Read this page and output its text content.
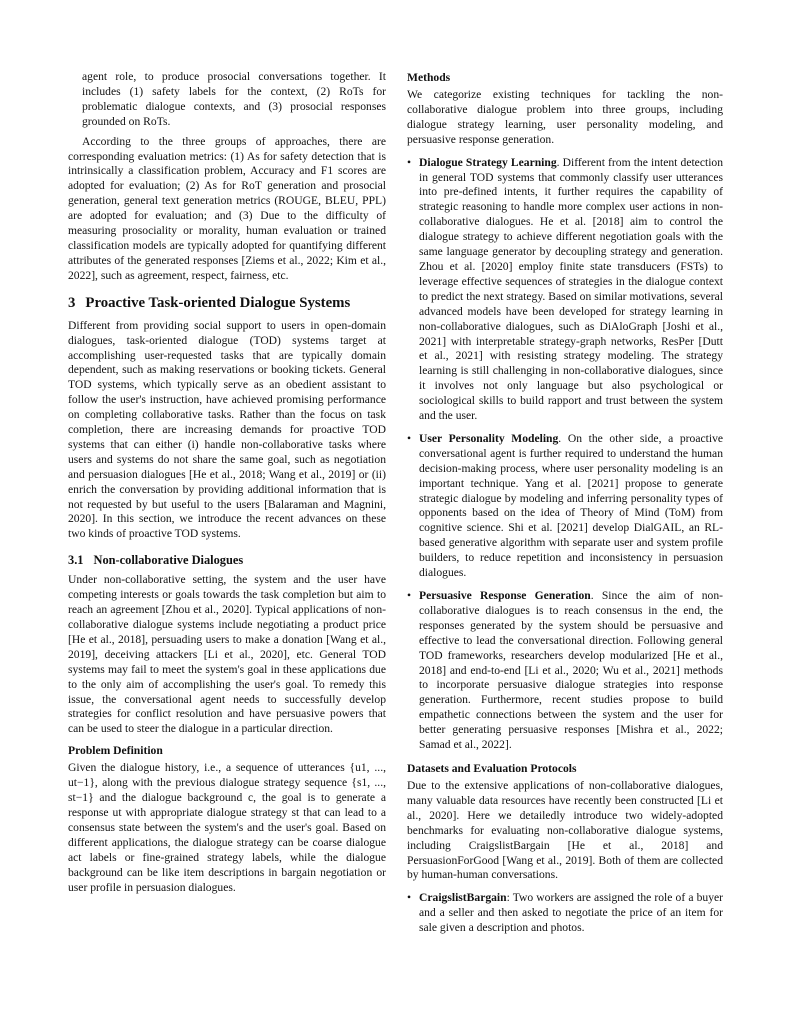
agent role, to produce prosocial conversations together. It includes (1) safety labels for the context, (2) RoTs for problematic dialogue contexts, and (3) prosocial responses grounded on RoTs.

According to the three groups of approaches, there are corresponding evaluation metrics: (1) As for safety detection that is intrinsically a classification problem, Accuracy and F1 scores are adopted for evaluation; (2) As for RoT generation and prosocial generation, general text generation metrics (ROUGE, BLEU, PPL) are adopted for evaluation; and (3) Due to the difficulty of measuring prosociality or morality, human evaluation or trained classification models are typically adopted for quantifying different attributes of the generated responses [Ziems et al., 2022; Kim et al., 2022], such as agreement, respect, fairness, etc.

3 Proactive Task-oriented Dialogue Systems

Different from providing social support to users in open-domain dialogues, task-oriented dialogue (TOD) systems target at accomplishing user-requested tasks that are typically domain dependent, such as making reservations or booking tickets. General TOD systems, which typically serve as an obedient assistant to follow the user's instruction, have achieved promising performance on completing collaborative tasks. Rather than the focus on task completion, there are increasing demands for proactive TOD systems that can either (i) handle non-collaborative tasks where users and systems do not share the same goal, such as negotiation and persuasion dialogues [He et al., 2018; Wang et al., 2019] or (ii) enrich the conversation by providing additional information that is not requested by but useful to the users [Balaraman and Magnini, 2020]. In this section, we introduce the recent advances on these two kinds of proactive TOD systems.

3.1 Non-collaborative Dialogues

Under non-collaborative setting, the system and the user have competing interests or goals towards the task completion but aim to reach an agreement [Zhou et al., 2020]. Typical applications of non-collaborative dialogue systems include negotiating a product price [He et al., 2018], persuading users to make a donation [Wang et al., 2019], deceiving attackers [Li et al., 2020], etc. General TOD systems may fail to meet the system's goal in these applications due to the only aim of accomplishing the user's goal. To remedy this issue, the conversational agent needs to successfully develop strategies for conflict resolution and have persuasive powers that can be used to steer the dialogue in a particular direction.

Problem Definition

Given the dialogue history, i.e., a sequence of utterances {u1, ..., ut−1}, along with the previous dialogue strategy sequence {s1, ..., st−1} and the dialogue background c, the goal is to generate a response ut with appropriate dialogue strategy st that can lead to a consensus state between the system's and the user's goal. Based on different applications, the dialogue strategy can be coarse dialogue act labels or fine-grained strategy labels, while the dialogue background can be like item descriptions in bargain negotiation or user profile in persuasion dialogues.

Methods

We categorize existing techniques for tackling the non-collaborative dialogue problem into three groups, including dialogue strategy learning, user personality modeling, and persuasive response generation.

• Dialogue Strategy Learning. Different from the intent detection in general TOD systems that commonly classify user utterances into pre-defined intents, it further requires the capability of strategic reasoning to handle more complex user actions in non-collaborative dialogues. He et al. [2018] aim to control the dialogue strategy to achieve different negotiation goals with the same language generator by decoupling strategy and generation. Zhou et al. [2020] employ finite state transducers (FSTs) to leverage effective sequences of strategies in the dialogue context to predict the next strategy. Based on similar motivations, several advanced models have been developed for strategy learning in non-collaborative dialogues, such as DiAloGraph [Joshi et al., 2021] with interpretable strategy-graph networks, ResPer [Dutt et al., 2021] with resisting strategy modeling. The strategy learning is still challenging in non-collaborative dialogues, since it involves not only language but also psychological or sociological skills to build rapport and trust between the system and the user.
• User Personality Modeling. On the other side, a proactive conversational agent is further required to understand the human decision-making process, where user personality modeling is an important technique. Yang et al. [2021] propose to generate strategic dialogue by modeling and inferring personality types of opponents based on the idea of Theory of Mind (ToM) from cognitive science. Shi et al. [2021] develop DialGAIL, an RL-based generative algorithm with separate user and system profile builders, to reduce repetition and inconsistency in persuasion dialogues.
• Persuasive Response Generation. Since the aim of non-collaborative dialogues is to reach consensus in the end, the responses generated by the system should be persuasive and effective to lead the conversational direction. Following general TOD frameworks, researchers develop modularized [He et al., 2018] and end-to-end [Li et al., 2020; Wu et al., 2021] methods to incorporate persuasive dialogue strategies into response generation. Furthermore, recent studies propose to build empathetic connections between the system and the user for better generating persuasive responses [Mishra et al., 2022; Samad et al., 2022].
Datasets and Evaluation Protocols

Due to the extensive applications of non-collaborative dialogues, many valuable data resources have recently been constructed [Li et al., 2020]. Here we detailedly introduce two widely-adopted benchmarks for evaluating non-collaborative dialogue systems, including CraigslistBargain [He et al., 2018] and PersuasionForGood [Wang et al., 2019]. Both of them are collected by human-human conversations.

• CraigslistBargain: Two workers are assigned the role of a buyer and a seller and then asked to negotiate the price of an item for sale given a description and photos.
